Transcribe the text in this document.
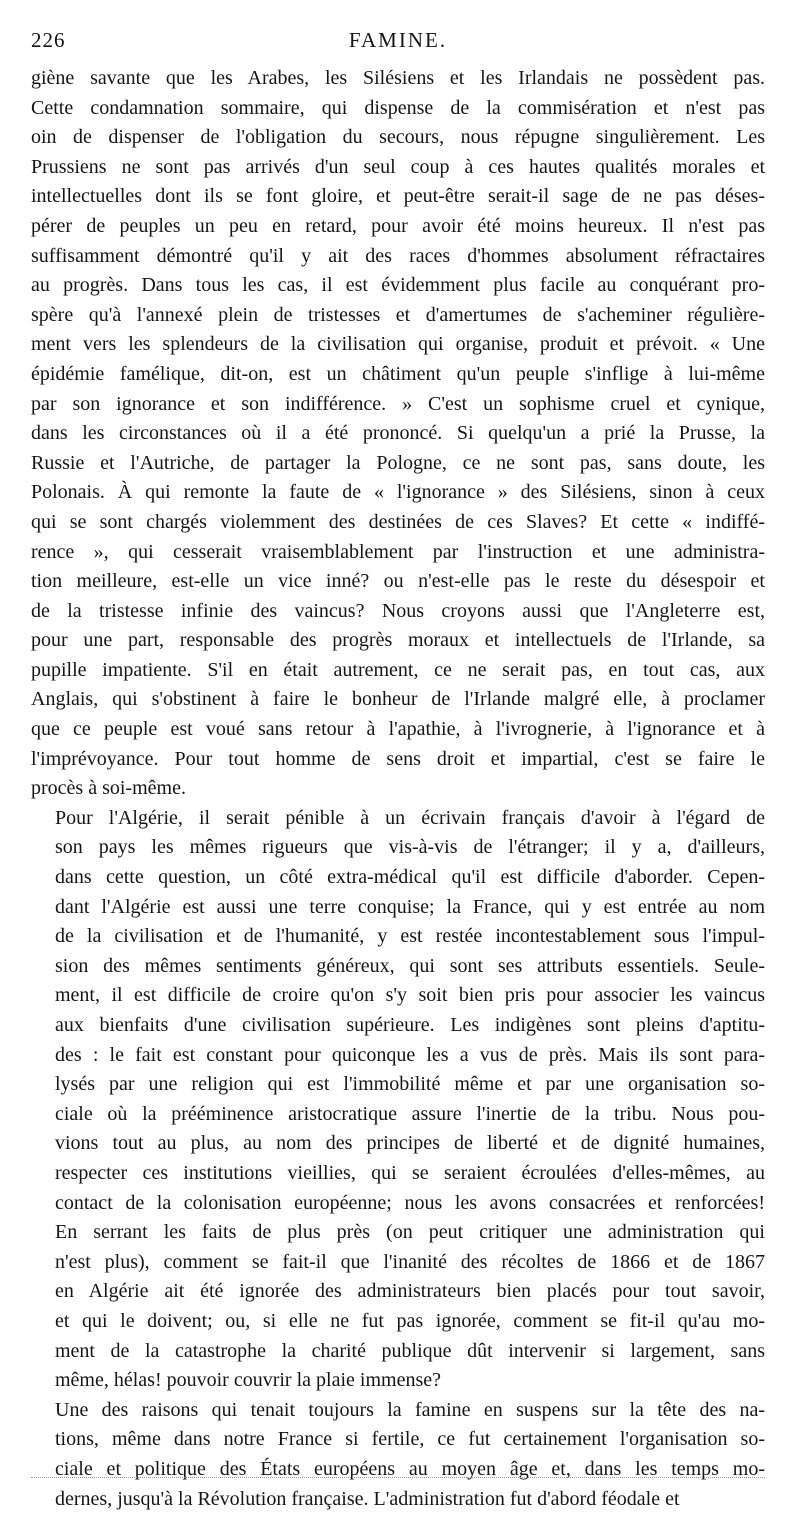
226	FAMINE.

giène savante que les Arabes, les Silésiens et les Irlandais ne possèdent pas.
Cette condamnation sommaire, qui dispense de la commisération et n'est pas
oin de dispenser de l'obligation du secours, nous répugne singulièrement. Les
Prussiens ne sont pas arrivés d'un seul coup à ces hautes qualités morales et
intellectuelles dont ils se font gloire, et peut-être serait-il sage de ne pas déses-
pérer de peuples un peu en retard, pour avoir été moins heureux. Il n'est pas
suffisamment démontré qu'il y ait des races d'hommes absolument réfractaires
au progrès. Dans tous les cas, il est évidemment plus facile au conquérant pro-
spère qu'à l'annexé plein de tristesses et d'amertumes de s'acheminer régulière-
ment vers les splendeurs de la civilisation qui organise, produit et prévoit. « Une
épidémie famélique, dit-on, est un châtiment qu'un peuple s'inflige à lui-même
par son ignorance et son indifférence. » C'est un sophisme cruel et cynique,
dans les circonstances où il a été prononcé. Si quelqu'un a prié la Prusse, la
Russie et l'Autriche, de partager la Pologne, ce ne sont pas, sans doute, les
Polonais. À qui remonte la faute de « l'ignorance » des Silésiens, sinon à ceux
qui se sont chargés violemment des destinées de ces Slaves? Et cette « indiffé-
rence », qui cesserait vraisemblablement par l'instruction et une administra-
tion meilleure, est-elle un vice inné? ou n'est-elle pas le reste du désespoir et
de la tristesse infinie des vaincus? Nous croyons aussi que l'Angleterre est,
pour une part, responsable des progrès moraux et intellectuels de l'Irlande, sa
pupille impatiente. S'il en était autrement, ce ne serait pas, en tout cas, aux
Anglais, qui s'obstinent à faire le bonheur de l'Irlande malgré elle, à proclamer
que ce peuple est voué sans retour à l'apathie, à l'ivrognerie, à l'ignorance et à
l'imprévoyance. Pour tout homme de sens droit et impartial, c'est se faire le
procès à soi-même.

Pour l'Algérie, il serait pénible à un écrivain français d'avoir à l'égard de
son pays les mêmes rigueurs que vis-à-vis de l'étranger; il y a, d'ailleurs,
dans cette question, un côté extra-médical qu'il est difficile d'aborder. Cepen-
dant l'Algérie est aussi une terre conquise; la France, qui y est entrée au nom
de la civilisation et de l'humanité, y est restée incontestablement sous l'impul-
sion des mêmes sentiments généreux, qui sont ses attributs essentiels. Seule-
ment, il est difficile de croire qu'on s'y soit bien pris pour associer les vaincus
aux bienfaits d'une civilisation supérieure. Les indigènes sont pleins d'aptitu-
des : le fait est constant pour quiconque les a vus de près. Mais ils sont para-
lysés par une religion qui est l'immobilité même et par une organisation so-
ciale où la prééminence aristocratique assure l'inertie de la tribu. Nous pou-
vions tout au plus, au nom des principes de liberté et de dignité humaines,
respecter ces institutions vieillies, qui se seraient écroulées d'elles-mêmes, au
contact de la colonisation européenne; nous les avons consacrées et renforcées!
En serrant les faits de plus près (on peut critiquer une administration qui
n'est plus), comment se fait-il que l'inanité des récoltes de 1866 et de 1867
en Algérie ait été ignorée des administrateurs bien placés pour tout savoir,
et qui le doivent; ou, si elle ne fut pas ignorée, comment se fit-il qu'au mo-
ment de la catastrophe la charité publique dût intervenir si largement, sans
même, hélas! pouvoir couvrir la plaie immense?

Une des raisons qui tenait toujours la famine en suspens sur la tête des na-
tions, même dans notre France si fertile, ce fut certainement l'organisation so-
ciale et politique des États européens au moyen âge et, dans les temps mo-
dernes, jusqu'à la Révolution française. L'administration fut d'abord féodale et
